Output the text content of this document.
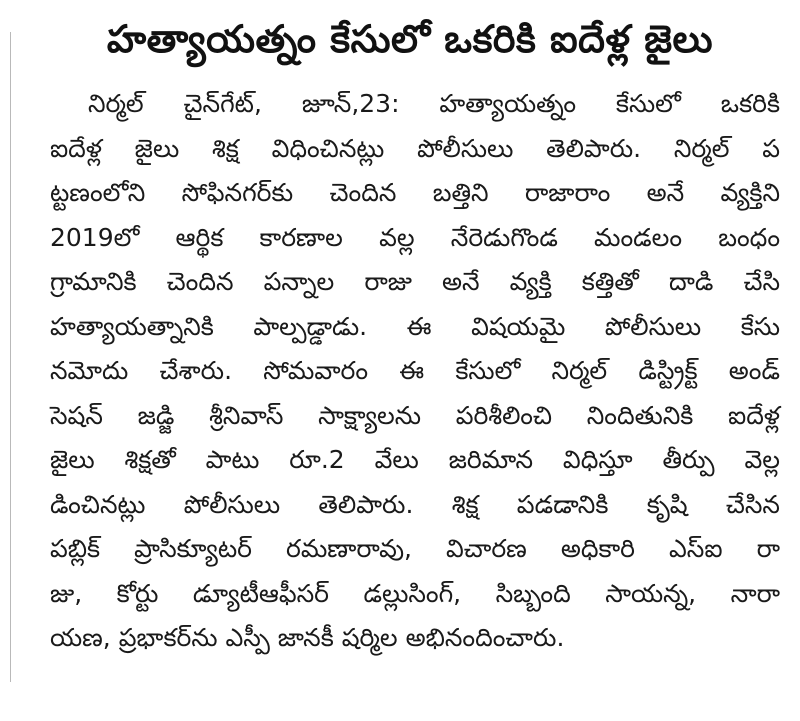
హత్యాయత్నం కేసులో ఒకరికి ఐదేళ్ల జైలు
నిర్మల్ చైన్‌గేట్, జూన్,23: హత్యాయత్నం కేసులో ఒకరికి
ఐదేళ్ల జైలు శిక్ష విధించినట్లు పోలీసులు తెలిపారు. నిర్మల్ ప
ట్టణంలోని సోఫినగర్‌కు చెందిన బత్తిని రాజారాం అనే వ్యక్తిని
2019లో ఆర్థిక కారణాల వల్ల నేరెడుగొండ మండలం బంధం
గ్రామానికి చెందిన పన్నాల రాజు అనే వ్యక్తి కత్తితో దాడి చేసి
హత్యాయత్నానికి పాల్పడ్డాడు. ఈ విషయమై పోలీసులు కేసు
నమోదు చేశారు. సోమవారం ఈ కేసులో నిర్మల్ డిస్ట్రిక్ట్ అండ్
సెషన్ జడ్జి శ్రీనివాస్ సాక్ష్యాలను పరిశీలించి నిందితునికి ఐదేళ్ల
జైలు శిక్షతో పాటు రూ.2 వేలు జరిమాన విధిస్తూ తీర్పు వెల్ల
డించినట్లు పోలీసులు తెలిపారు. శిక్ష పడడానికి కృషి చేసిన
పబ్లిక్ ప్రాసిక్యూటర్ రమణారావు, విచారణ అధికారి ఎస్ఐ రా
జు, కోర్టు డ్యూటీఆఫీసర్ డల్లుసింగ్, సిబ్బంది సాయన్న, నారా
యణ, ప్రభాకర్‌ను ఎస్పీ జానకీ షర్మిల అభినందించారు.
